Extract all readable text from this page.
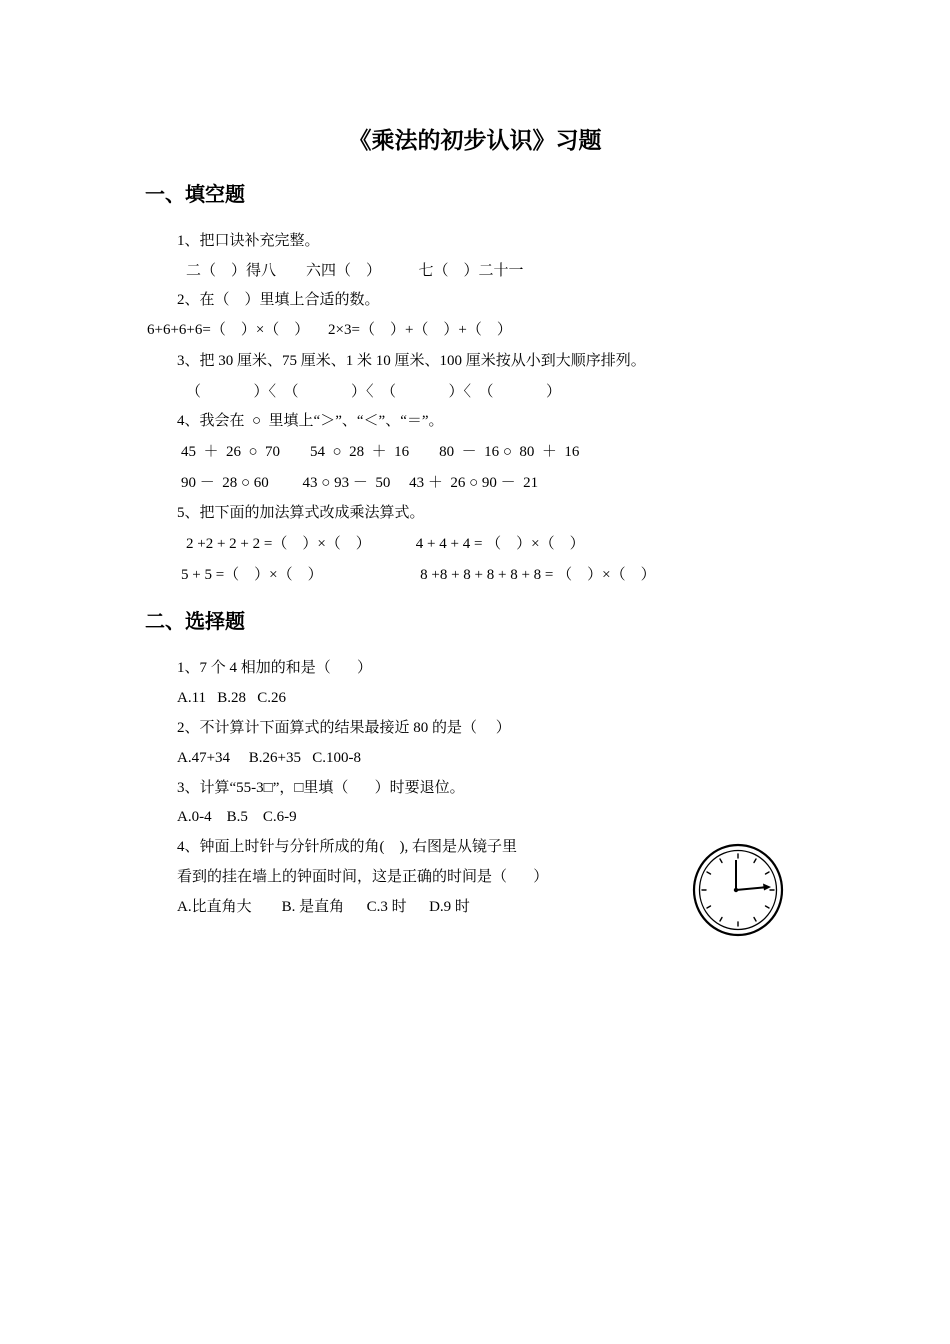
《乘法的初步认识》习题
一、填空题
1、把口诀补充完整。
二（    ）得八        六四（    ）          七（    ）二十一
2、在（    ）里填上合适的数。
6+6+6+6=（    ）×（    ）     2×3=（    ）+（    ）+（    ）
3、把 30 厘米、75 厘米、1 米 10 厘米、100 厘米按从小到大顺序排列。
（              ）〈  （              ）〈  （              ）〈  （              ）
4、我会在  ○  里填上“＞”、“＜”、“＝”。
45  ＋  26  ○  70        54  ○  28  ＋  16        80  －  16 ○  80  ＋  16
90 －  28 ○ 60         43 ○ 93 －  50     43 ＋  26 ○ 90 －  21
5、把下面的加法算式改成乘法算式。
2 +2 + 2 + 2 =（    ）×（    ）            4 + 4 + 4 = （    ）×（    ）
5 + 5 =（    ）×（    ）                          8 +8 + 8 + 8 + 8 + 8 = （    ）×（    ）
二、选择题
1、7 个 4 相加的和是（       ）
A.11   B.28   C.26
2、不计算计下面算式的结果最接近 80 的是（     ）
A.47+34     B.26+35   C.100-8
3、计算“55-3□”，□里填（       ）时要退位。
A.0-4    B.5    C.6-9
4、钟面上时针与分针所成的角(    ), 右图是从镜子里
看到的挂在墙上的钟面时间，这是正确的时间是（       ）
A.比直角大        B. 是直角      C.3 时      D.9 时
